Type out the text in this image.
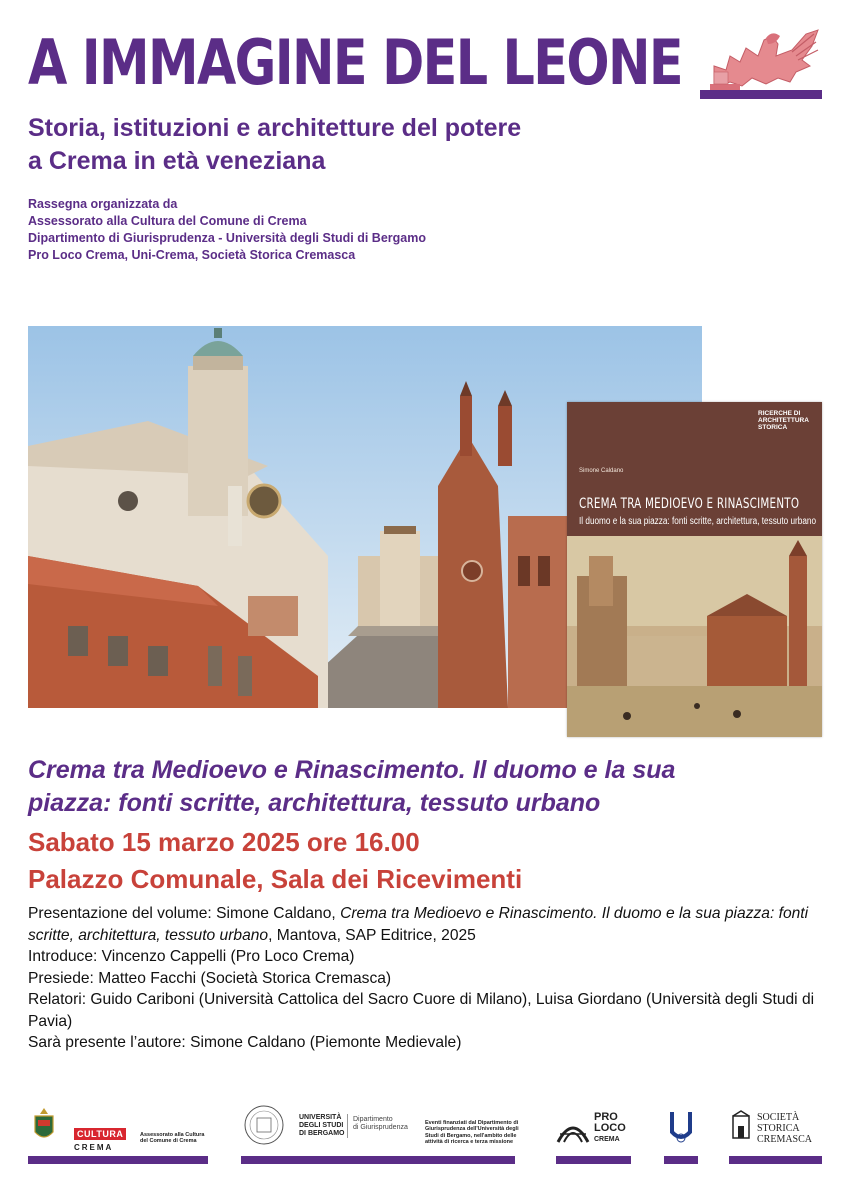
A IMMAGINE DEL LEONE
Storia, istituzioni e architetture del potere
a Crema in età veneziana
Rassegna organizzata da
Assessorato alla Cultura del Comune di Crema
Dipartimento di Giurisprudenza - Università degli Studi di Bergamo
Pro Loco Crema, Uni-Crema, Società Storica Cremasca
RICERCHE DI ARCHITETTURA STORICA
Simone Caldano
CREMA TRA MEDIOEVO E RINASCIMENTO
Il duomo e la sua piazza: fonti scritte, architettura, tessuto urbano
Crema tra Medioevo e Rinascimento. Il duomo e la sua
piazza: fonti scritte, architettura, tessuto urbano
Sabato 15 marzo 2025 ore 16.00
Palazzo Comunale, Sala dei Ricevimenti
Presentazione del volume: Simone Caldano, Crema tra Medioevo e Rinascimento. Il duomo e la sua piazza: fonti scritte, architettura, tessuto urbano, Mantova, SAP Editrice, 2025
Introduce: Vincenzo Cappelli (Pro Loco Crema)
Presiede: Matteo Facchi (Società Storica Cremasca)
Relatori: Guido Cariboni (Università Cattolica del Sacro Cuore di Milano), Luisa Giordano (Università degli Studi di Pavia)
Sarà presente l’autore: Simone Caldano (Piemonte Medievale)
CULTURA
CREMA
Assessorato alla Cultura del Comune di Crema
UNIVERSITÀ
DEGLI STUDI
DI BERGAMO
Dipartimento
di Giurisprudenza
Eventi finanziati dal Dipartimento di Giurisprudenza dell'Università degli Studi di Bergamo, nell'ambito delle attività di ricerca e terza missione
PRO
LOCO
CREMA
SOCIETÀ
STORICA
CREMASCA
